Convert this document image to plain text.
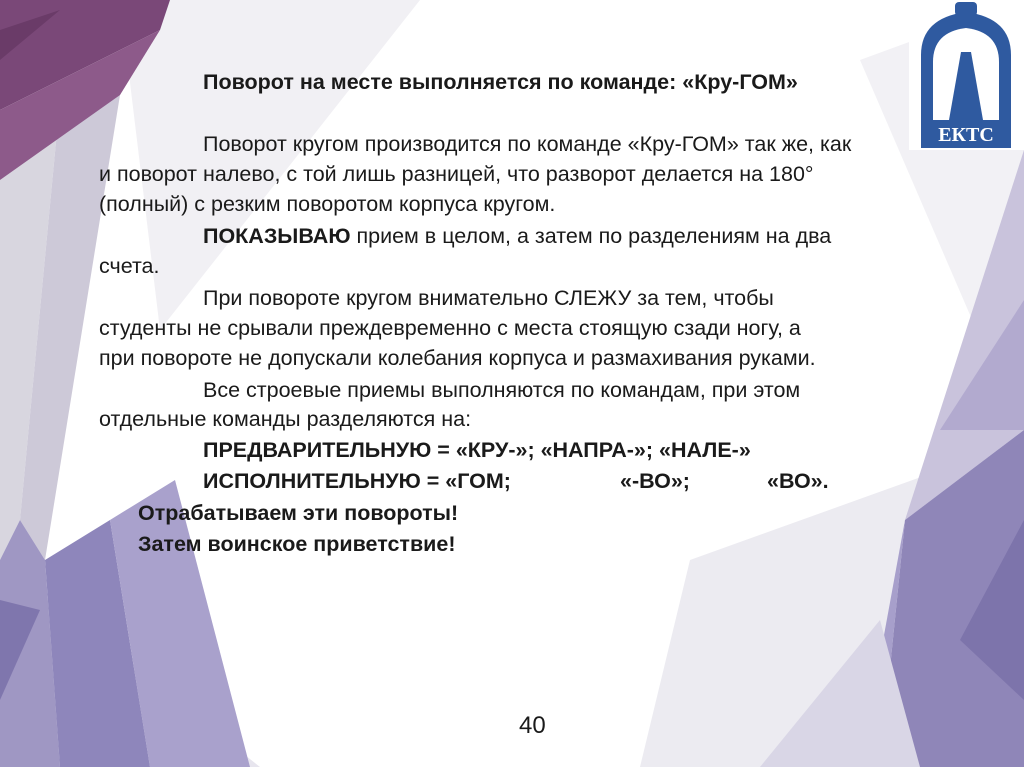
ЕКТС
Поворот на месте выполняется по команде: «Кру-ГОМ»
Поворот кругом производится по команде «Кру-ГОМ» так же, как
и поворот налево, с той лишь разницей, что разворот делается на 180°
(полный) с резким поворотом корпуса кругом.
ПОКАЗЫВАЮ прием в целом, а затем по разделениям на два
счета.
При повороте кругом внимательно СЛЕЖУ за тем, чтобы
студенты не срывали преждевременно с места стоящую сзади ногу, а
при повороте не допускали колебания корпуса и размахивания руками.
Все строевые приемы выполняются по командам, при этом
отдельные команды разделяются на:
ПРЕДВАРИТЕЛЬНУЮ = «КРУ-»; «НАПРА-»; «НАЛЕ-»
ИСПОЛНИТЕЛЬНУЮ = «ГОМ;	«-ВО»;	«ВО».
Отрабатываем эти повороты!
Затем воинское приветствие!
40
